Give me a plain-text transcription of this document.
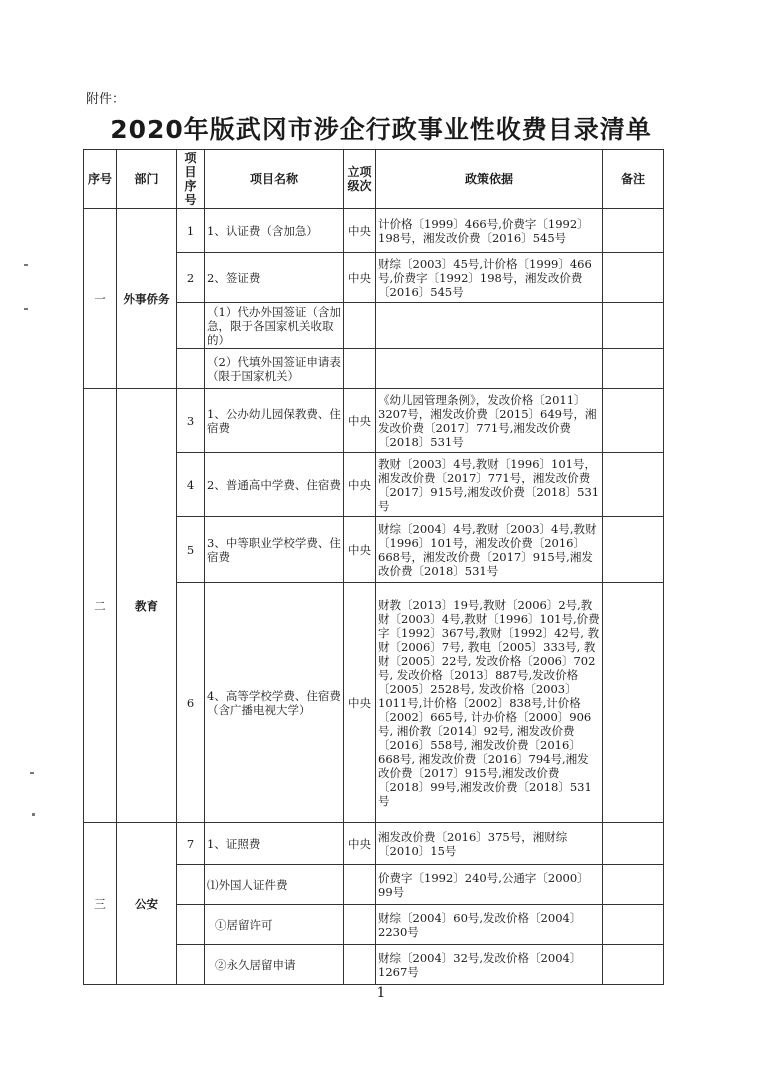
附件：
2020年版武冈市涉企行政事业性收费目录清单
序号	部门	项目序号	项目名称	立项级次	政策依据	备注
一	外事侨务	1	1、认证费（含加急）	中央	计价格〔1999〕466号,价费字〔1992〕198号，湘发改价费〔2016〕545号	
		2	2、签证费	中央	财综〔2003〕45号,计价格〔1999〕466号,价费字〔1992〕198号，湘发改价费〔2016〕545号	
			（1）代办外国签证（含加急，限于各国家机关收取的）			
			（2）代填外国签证申请表（限于国家机关）			
二	教育	3	1、公办幼儿园保教费、住宿费	中央	《幼儿园管理条例》，发改价格〔2011〕3207号，湘发改价费〔2015〕649号，湘发改价费〔2017〕771号,湘发改价费〔2018〕531号	
		4	2、普通高中学费、住宿费	中央	教财〔2003〕4号,教财〔1996〕101号，湘发改价费〔2017〕771号，湘发改价费〔2017〕915号,湘发改价费〔2018〕531号	
		5	3、中等职业学校学费、住宿费	中央	财综〔2004〕4号,教财〔2003〕4号,教财〔1996〕101号，湘发改价费〔2016〕668号，湘发改价费〔2017〕915号,湘发改价费〔2018〕531号	
		6	4、高等学校学费、住宿费（含广播电视大学）	中央	财教〔2013〕19号,教财〔2006〕2号,教财〔2003〕4号,教财〔1996〕101号,价费字〔1992〕367号,教财〔1992〕42号, 教财〔2006〕7号, 教电〔2005〕333号, 教财〔2005〕22号, 发改价格〔2006〕702号, 发改价格〔2013〕887号,发改价格〔2005〕2528号, 发改价格〔2003〕1011号,计价格〔2002〕838号,计价格〔2002〕665号, 计办价格〔2000〕906号, 湘价教〔2014〕92号, 湘发改价费〔2016〕558号, 湘发改价费〔2016〕668号, 湘发改价费〔2016〕794号,湘发改价费〔2017〕915号,湘发改价费〔2018〕99号,湘发改价费〔2018〕531号	
三	公安	7	1、证照费	中央	湘发改价费〔2016〕375号，湘财综〔2010〕15号	
			⑴外国人证件费		价费字〔1992〕240号,公通字〔2000〕99号	
			①居留许可		财综〔2004〕60号,发改价格〔2004〕2230号	
			②永久居留申请		财综〔2004〕32号,发改价格〔2004〕1267号	
1
